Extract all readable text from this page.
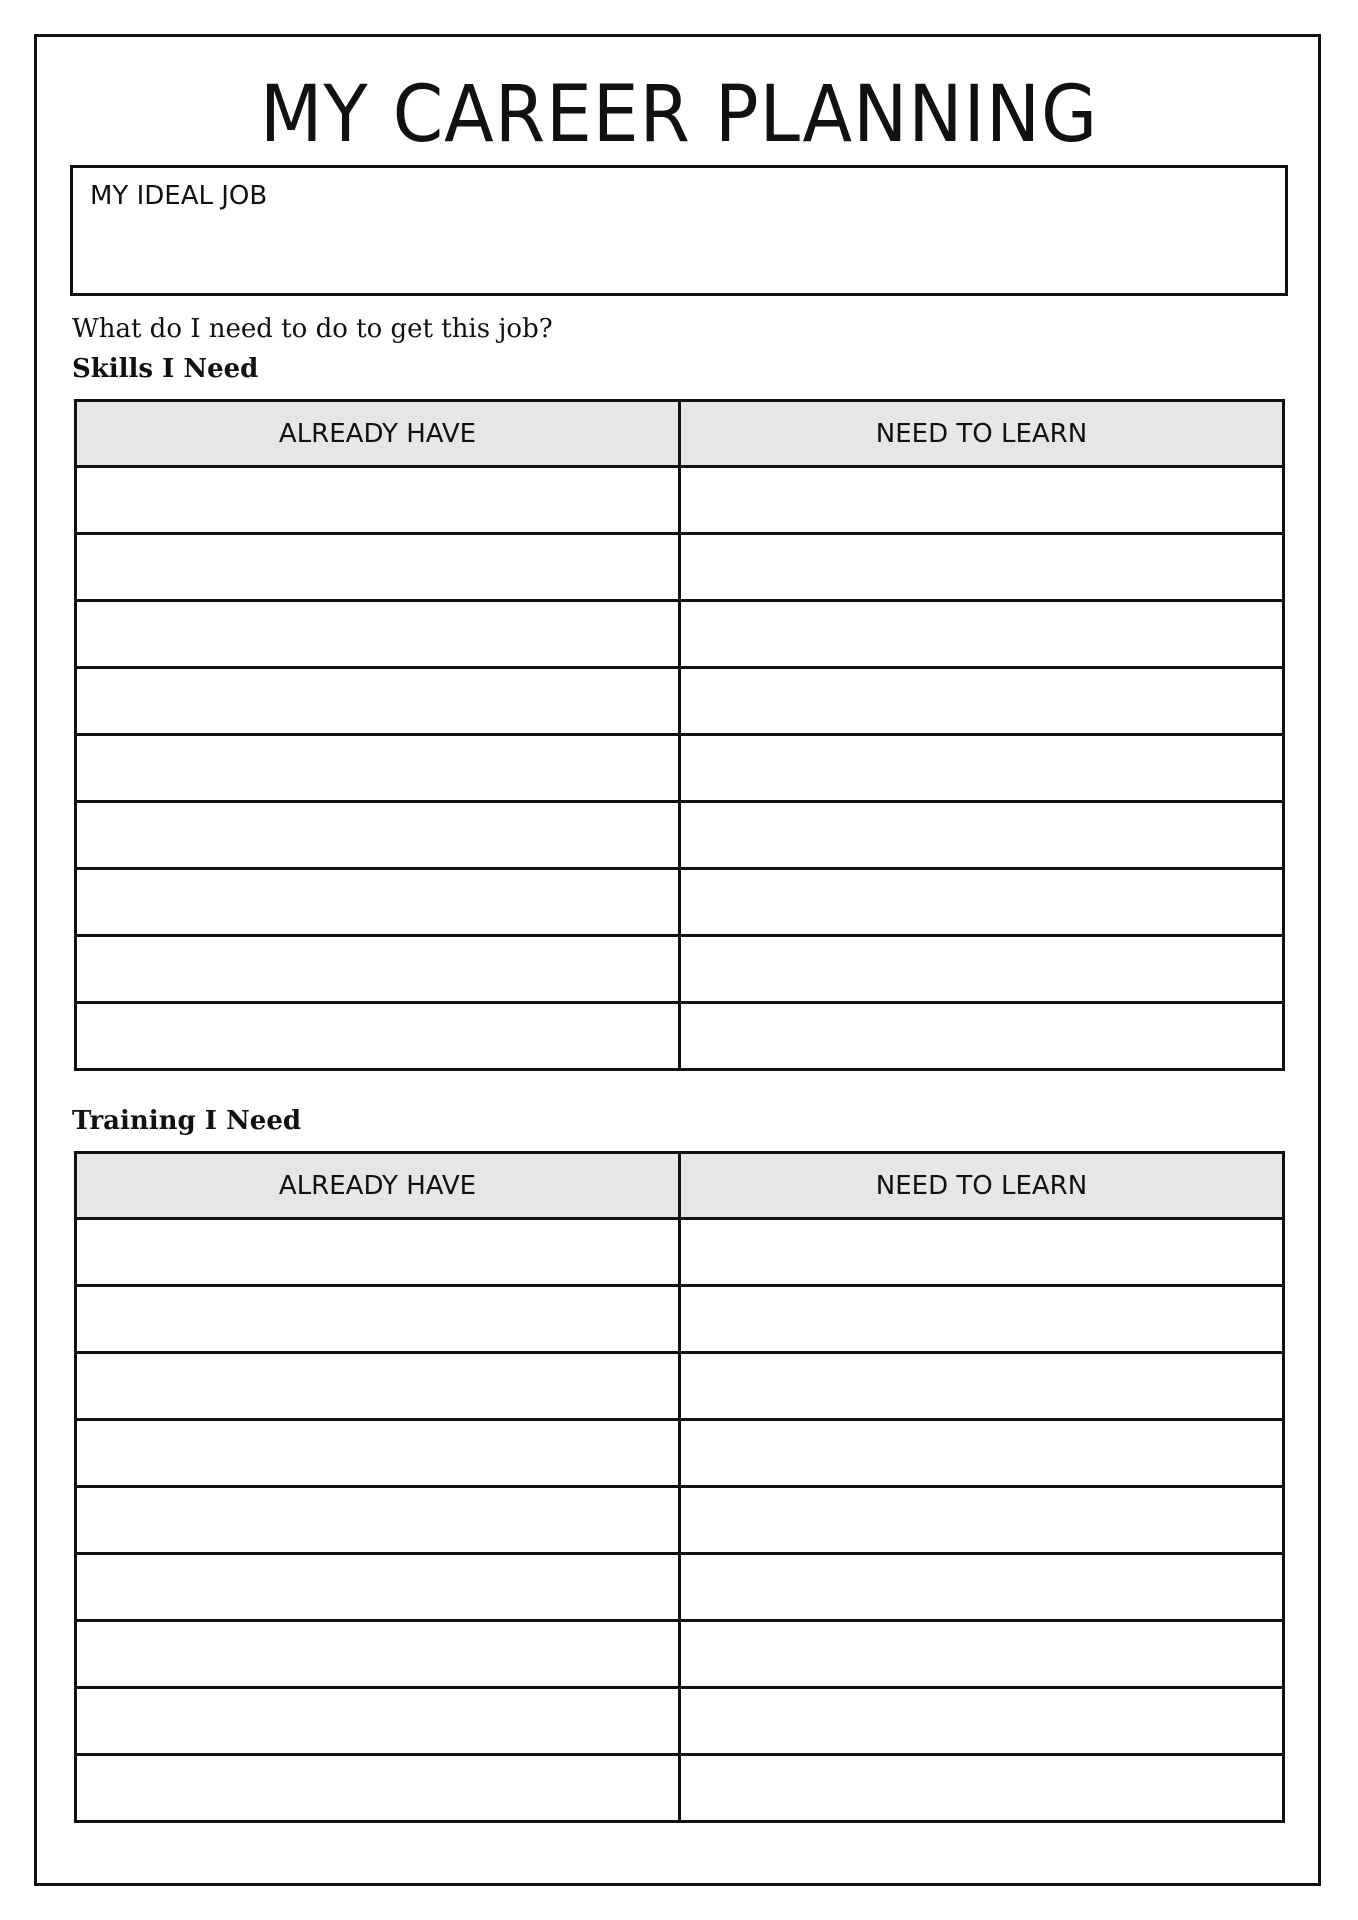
MY CAREER PLANNING
MY IDEAL JOB
What do I need to do to get this job?
Skills I Need
ALREADY HAVE	NEED TO LEARN

Training I Need
ALREADY HAVE	NEED TO LEARN
